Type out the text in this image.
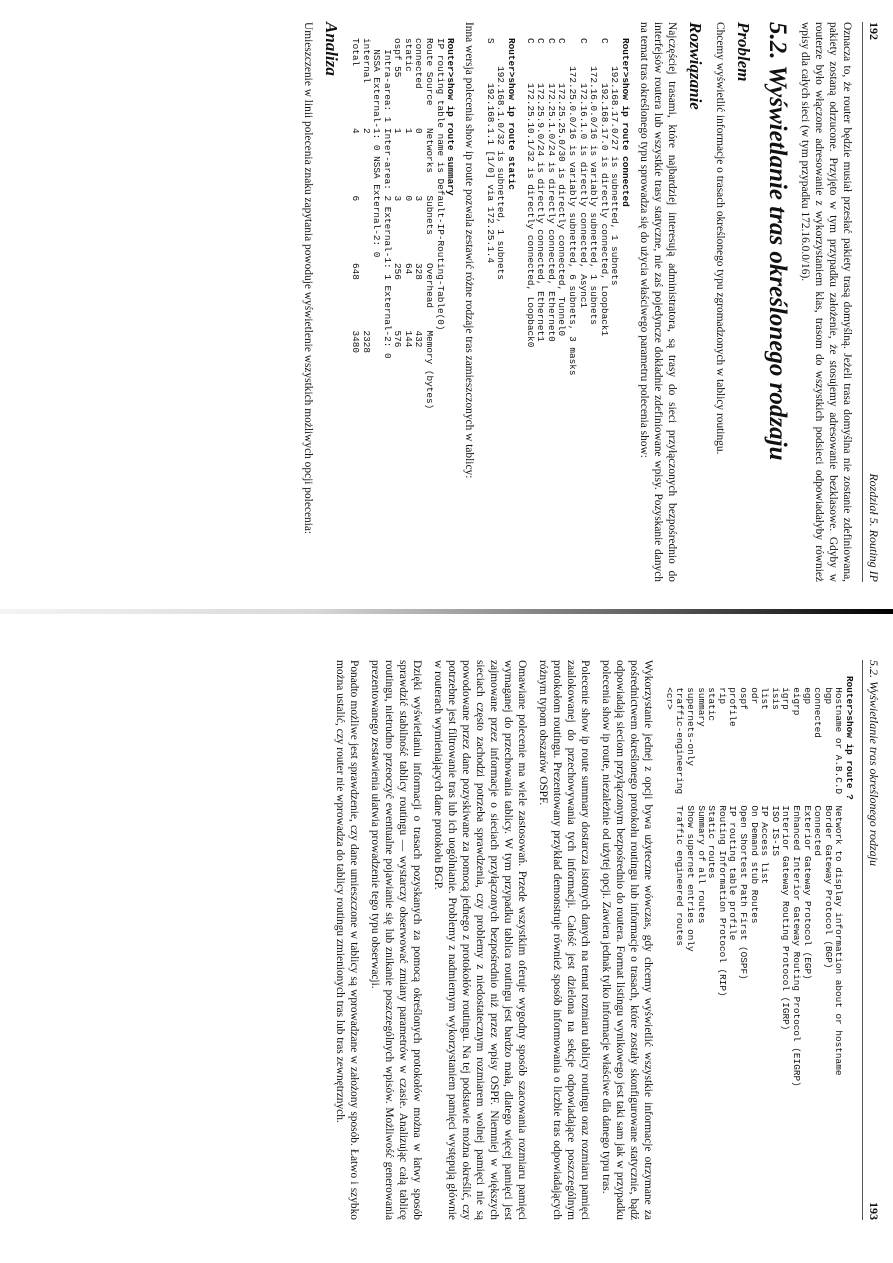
192
Rozdział 5. Routing IP

Oznacza to, że router będzie musiał przesłać pakiety trasą domyślną. Jeżeli trasa domyślna nie zostanie zdefiniowana, pakiety zostaną odrzucone. Przyjęto w tym przypadku założenie, że stosujemy adresowanie bezklasowe. Gdyby w routerze było włączone adresowanie z wykorzystaniem klas, trasom do wszystkich podsieci odpowiadałyby również wpisy dla całych sieci (w tym przypadku 172.16.0.0/16).

5.2. Wyświetlanie tras określonego rodzaju
Problem

Chcemy wyświetlić informacje o trasach określonego typu zgromadzonych w tablicy routingu.

Rozwiązanie

Najczęściej trasami, które najbardziej interesują administratora, są trasy do sieci przyłączonych bezpośrednio do interfejsów routera lub wszystkie trasy statyczne, nie zaś pojedyncze dokładnie zdefiniowane wpisy. Pozyskanie danych na temat tras określonego typu sprowadza się do użycia właściwego parametru polecenia show:

Router>show ip route connected
192.168.17.0/27 is subnetted, 1 subnets
C       192.168.17.0 is directly connected, Loopback1
172.16.0.0/16 is variably subnetted, 1 subnets
C       172.16.1.0 is directly connected, Async1
172.25.0.0/16 is variably subnetted, 6 subnets, 3 masks
C       172.25.25.0/30 is directly connected, Tunnel0
C       172.25.1.0/24 is directly connected, Ethernet0
C       172.25.9.0/24 is directly connected, Ethernet1
C       172.25.10.1/32 is directly connected, Loopback0
Router>show ip route static
192.168.1.0/32 is subnetted, 1 subnets
S       192.168.1.1 [1/0] via 172.25.1.4

Inna wersja polecenia show ip route pozwala zestawić różne rodzaje tras zamieszczonych w tablicy:

Router>show ip route summary
IP routing table name is Default-IP-Routing-Table(0)
Route Source    Networks    Subnets     Overhead    Memory (bytes)
connected       0           3           328         432
static          1           0           64          144
ospf 55         1           3           256         576
Intra-area: 1 Inter-area: 2 External-1: 1 External-2: 0
NSSA External-1: 0 NSSA External-2: 0
internal        2                                   2328
Total           4           6           648         3480
Analiza

Umieszczenie w linii polecenia znaku zapytania powoduje wyświetlenie wszystkich możliwych opcji polecenia:

5.2. Wyświetlanie tras określonego rodzaju
193
Router>show ip route ?
Hostname or A.B.C.D  Network to display information about or hostname
bgp                  Border Gateway Protocol (BGP)
connected            Connected
egp                  Exterior Gateway Protocol (EGP)
eigrp                Enhanced Interior Gateway Routing Protocol (EIGRP)
igrp                 Interior Gateway Routing Protocol (IGRP)
isis                 ISO IS-IS
list                 IP Access list
odr                  On Demand stub Routes
ospf                 Open Shortest Path First (OSPF)
profile              IP routing table profile
rip                  Routing Information Protocol (RIP)
static               Static routes
summary              Summary of all routes
supernets-only       Show supernet entries only
traffic-engineering  Traffic engineered routes
<cr>

Wykorzystanie jednej z opcji bywa użyteczne wówczas, gdy chcemy wyświetlić wszystkie informacje otrzymane za pośrednictwem określonego protokołu routingu lub informacje o trasach, które zostały skonfigurowane statycznie, bądź odpowiadają sieciom przyłączonym bezpośrednio do routera. Format listingu wynikowego jest taki sam jak w przypadku polecenia show ip route, niezależnie od użytej opcji. Zawiera jednak tylko informacje właściwe dla danego typu tras.

Polecenie show ip route summary dostarcza istotnych danych na temat rozmiaru tablicy routingu oraz rozmiaru pamięci zaalokowanej do przechowywania tych informacji. Całość jest dzielona na sekcje odpowiadające poszczególnym protokołom routingu. Prezentowany przykład demonstruje również sposób informowania o liczbie tras odpowiadających różnym typom obszarów OSPF.

Omawiane polecenie ma wiele zastosowań. Przede wszystkim oferuje wygodny sposób szacowania rozmiaru pamięci wymaganej do przechowania tablicy. W tym przypadku tablica routingu jest bardzo mała, dlatego więcej pamięci jest zajmowane przez informacje o sieciach przyłączonych bezpośrednio niż przez wpisy OSPF. Niemniej w większych sieciach często zachodzi potrzeba sprawdzenia, czy problemy z niedostatecznym rozmiarem wolnej pamięci nie są powodowane przez dane pozyskiwane za pomocą jednego z protokołów routingu. Na tej podstawie można określić, czy potrzebne jest filtrowanie tras lub ich uogólnianie. Problemy z nadmiernym wykorzystaniem pamięci występują głównie w routerach wymieniających dane protokołu BGP.

Dzięki wyświetlaniu informacji o trasach pozyskanych za pomocą określonych protokołów można w łatwy sposób sprawdzić stabilność tablicy routingu — wystarczy obserwować zmiany parametrów w czasie. Analizując całą tablicę routingu, nietrudno przeoczyć ewentualne pojawianie się lub znikanie poszczególnych wpisów. Możliwość generowania prezentowanego zestawienia ułatwia prowadzenie tego typu obserwacji.

Ponadto możliwe jest sprawdzenie, czy dane umieszczone w tablicy są wprowadzane w założony sposób. Łatwo i szybko można ustalić, czy router nie wprowadza do tablicy routingu zmienionych tras lub tras zewnętrznych.
